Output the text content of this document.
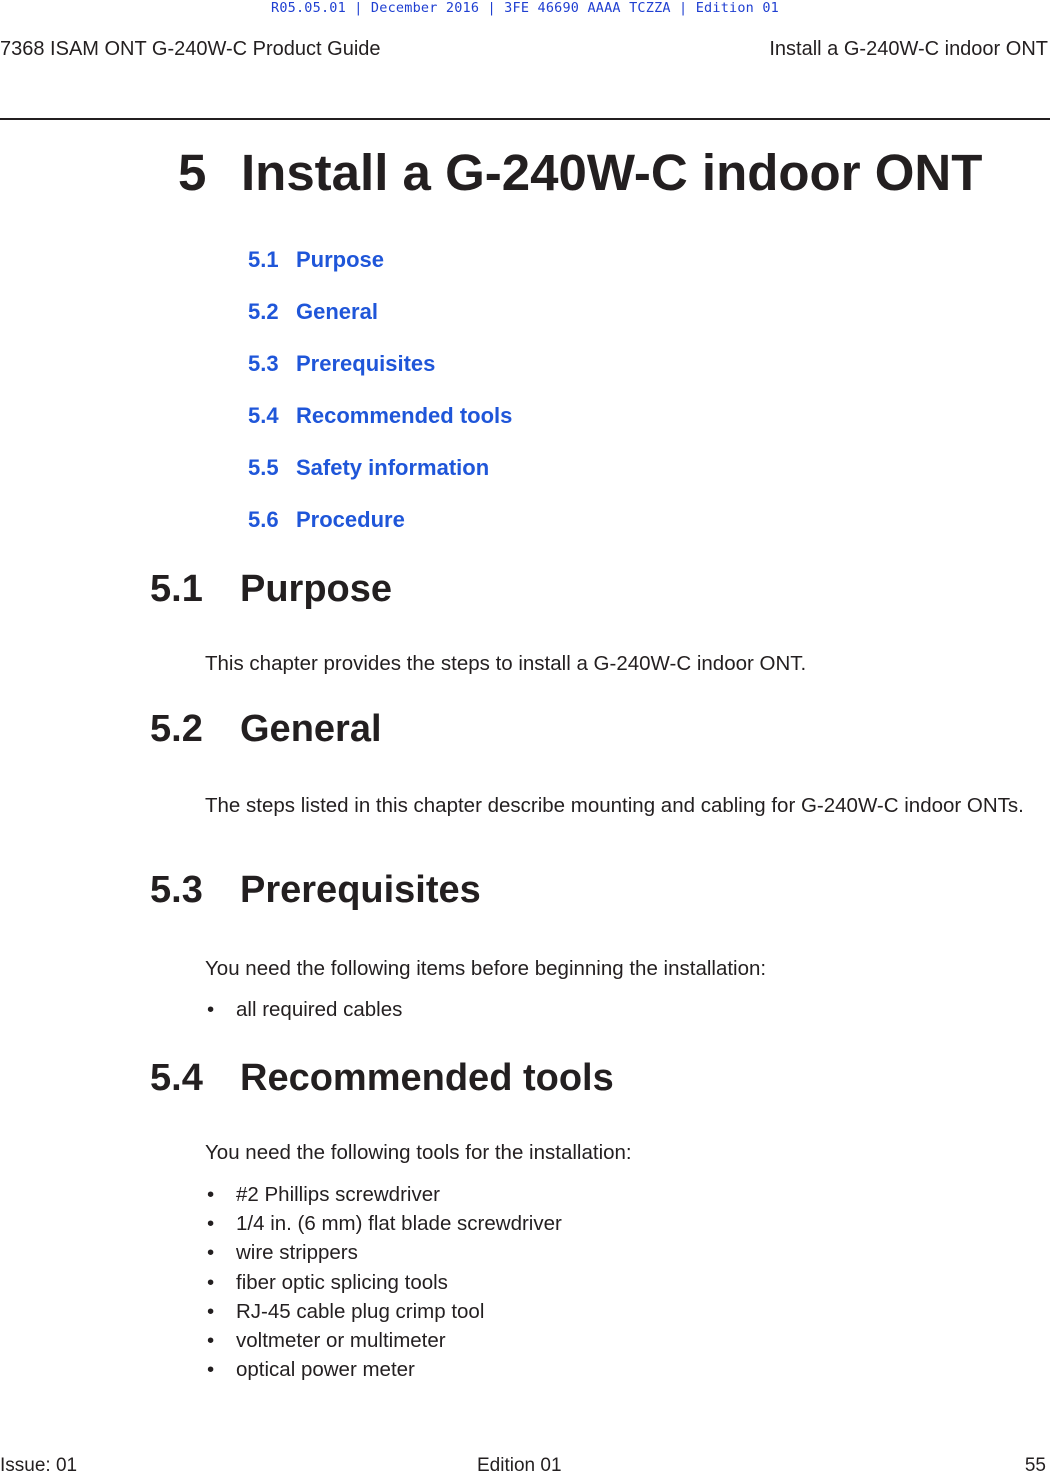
R05.05.01 | December 2016 | 3FE 46690 AAAA TCZZA | Edition 01
7368 ISAM ONT G-240W-C Product Guide	Install a G-240W-C indoor ONT
5 Install a G-240W-C indoor ONT
5.1 Purpose
5.2 General
5.3 Prerequisites
5.4 Recommended tools
5.5 Safety information
5.6 Procedure
5.1 Purpose
This chapter provides the steps to install a G-240W-C indoor ONT.
5.2 General
The steps listed in this chapter describe mounting and cabling for G-240W-C indoor ONTs.
5.3 Prerequisites
You need the following items before beginning the installation:
• all required cables
5.4 Recommended tools
You need the following tools for the installation:
• #2 Phillips screwdriver
• 1/4 in. (6 mm) flat blade screwdriver
• wire strippers
• fiber optic splicing tools
• RJ-45 cable plug crimp tool
• voltmeter or multimeter
• optical power meter
Issue: 01	Edition 01	55
